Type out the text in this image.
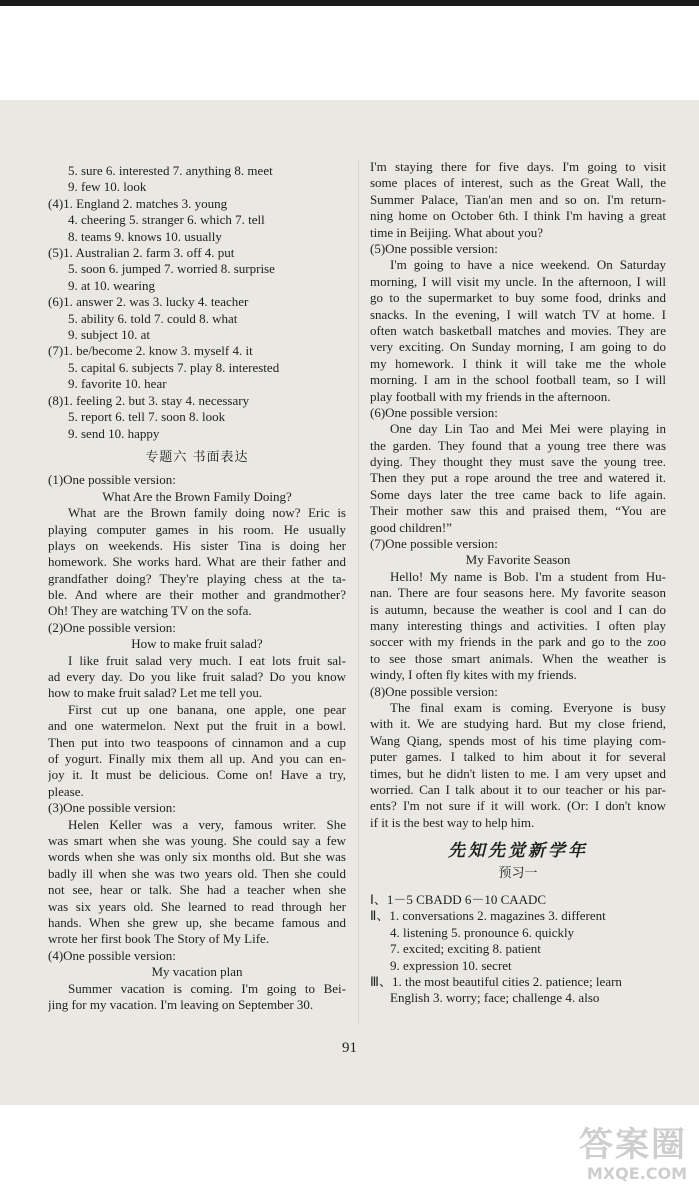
5. sure 6. interested 7. anything 8. meet
9. few 10. look
(4)1. England 2. matches 3. young
4. cheering 5. stranger 6. which 7. tell
8. teams 9. knows 10. usually
(5)1. Australian 2. farm 3. off 4. put
5. soon 6. jumped 7. worried 8. surprise
9. at 10. wearing
(6)1. answer 2. was 3. lucky 4. teacher
5. ability 6. told 7. could 8. what
9. subject 10. at
(7)1. be/become 2. know 3. myself 4. it
5. capital 6. subjects 7. play 8. interested
9. favorite 10. hear
(8)1. feeling 2. but 3. stay 4. necessary
5. report 6. tell 7. soon 8. look
9. send 10. happy
专题六 书面表达
(1)One possible version:
What Are the Brown Family Doing?
What are the Brown family doing now? Eric is
playing computer games in his room. He usually
plays on weekends. His sister Tina is doing her
homework. She works hard. What are their father and
grandfather doing? They're playing chess at the ta-
ble. And where are their mother and grandmother?
Oh! They are watching TV on the sofa.
(2)One possible version:
How to make fruit salad?
I like fruit salad very much. I eat lots fruit sal-
ad every day. Do you like fruit salad? Do you know
how to make fruit salad? Let me tell you.
First cut up one banana, one apple, one pear
and one watermelon. Next put the fruit in a bowl.
Then put into two teaspoons of cinnamon and a cup
of yogurt. Finally mix them all up. And you can en-
joy it. It must be delicious. Come on! Have a try,
please.
(3)One possible version:
Helen Keller was a very, famous writer. She
was smart when she was young. She could say a few
words when she was only six months old. But she was
badly ill when she was two years old. Then she could
not see, hear or talk. She had a teacher when she
was six years old. She learned to read through her
hands. When she grew up, she became famous and
wrote her first book The Story of My Life.
(4)One possible version:
My vacation plan
Summer vacation is coming. I'm going to Bei-
jing for my vacation. I'm leaving on September 30.
I'm staying there for five days. I'm going to visit
some places of interest, such as the Great Wall, the
Summer Palace, Tian'an men and so on. I'm return-
ning home on October 6th. I think I'm having a great
time in Beijing. What about you?
(5)One possible version:
I'm going to have a nice weekend. On Saturday
morning, I will visit my uncle. In the afternoon, I will
go to the supermarket to buy some food, drinks and
snacks. In the evening, I will watch TV at home. I
often watch basketball matches and movies. They are
very exciting. On Sunday morning, I am going to do
my homework. I think it will take me the whole
morning. I am in the school football team, so I will
play football with my friends in the afternoon.
(6)One possible version:
One day Lin Tao and Mei Mei were playing in
the garden. They found that a young tree there was
dying. They thought they must save the young tree.
Then they put a rope around the tree and watered it.
Some days later the tree came back to life again.
Their mother saw this and praised them, “You are
good children!”
(7)One possible version:
My Favorite Season
Hello! My name is Bob. I'm a student from Hu-
nan. There are four seasons here. My favorite season
is autumn, because the weather is cool and I can do
many interesting things and activities. I often play
soccer with my friends in the park and go to the zoo
to see those smart animals. When the weather is
windy, I often fly kites with my friends.
(8)One possible version:
The final exam is coming. Everyone is busy
with it. We are studying hard. But my close friend,
Wang Qiang, spends most of his time playing com-
puter games. I talked to him about it for several
times, but he didn't listen to me. I am very upset and
worried. Can I talk about it to our teacher or his par-
ents? I'm not sure if it will work. (Or: I don't know
if it is the best way to help him.
先知先觉新学年
预习一
Ⅰ、1－5 CBADD 6－10 CAADC
Ⅱ、1. conversations 2. magazines 3. different
4. listening 5. pronounce 6. quickly
7. excited; exciting 8. patient
9. expression 10. secret
Ⅲ、1. the most beautiful cities 2. patience; learn
English 3. worry; face; challenge 4. also
91
答案圈
MXQE.COM
